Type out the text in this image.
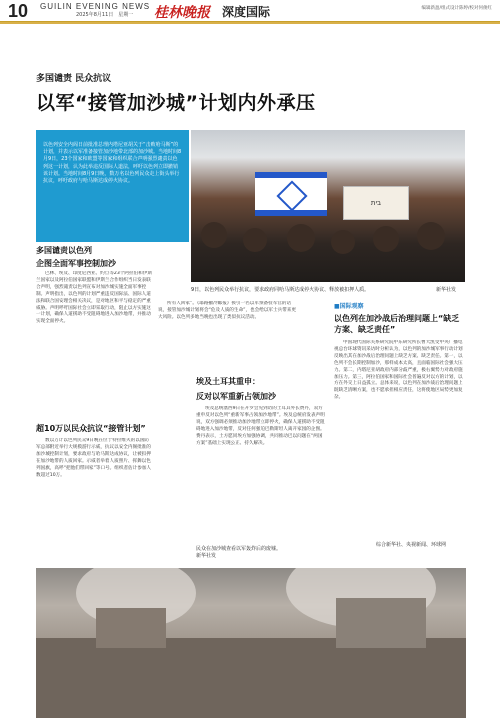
10 GUILIN EVENING NEWS
2025年8月11日　星期一 桂林晚报 深度国际	编辑新盈/组式设计陈婷/校对何俊红
多国谴责 民众抗议
以军“接管加沙城”计划内外承压

以色列安全内阁日前批准总理内塔尼亚胡关于“击败哈马斯”的计划，并表示以军准备接管加沙地带北部的加沙城。当地时间8月9日，23个国家和欧盟等国家和组织联合声明强烈谴责以色列这一计划，认为此举违反国际人道法，呼吁以色列立即撤销该计划。当地时间8月9日晚，数万名以色列民众走上街头举行抗议，呼吁政府与哈马斯达成停火协议。

בית
9日，以色列民众举行抗议，要求政府同哈马斯达成停火协议、释放被扣押人质。	新华社发
多国谴责以色列
企图全面军事控制加沙

巴林、埃及、印度尼西亚、约旦等23个阿拉伯和伊斯兰国家以及阿拉伯国家联盟和伊斯兰合作组织当日发表联合声明，强烈谴责以色列宣布对加沙城实施全面军事控制。声明指出，以色列的计划严重违反国际法、国际人道法和联合国安理会相关决议，是对地区和平与稳定的严重威胁。声明呼吁国际社会立即采取行动，阻止以方实施这一计划，确保人道援助不受阻碍地进入加沙地带，并推动实现全面停火。

超10万以民众抗议“接管计划”

数以万计以色列民众9日晚在位于特拉维夫的以国防军总部附近举行大规模游行示威，抗议以安全内阁批准的加沙城控制计划，要求政府与哈马斯达成协议，让被扣押在加沙地带的人质回家。示威者举着人质照片、挥舞以色列国旗，高呼“把他们带回家”等口号。组织者估计参加人数超过10万。

所有人回家”。《耶路撒冷邮报》援引一名以军预备役军官的话说，接管加沙城计划将会“危及人质的生命”，也会给以军士兵带来更大风险。以色列多地当晚也出现了类似抗议活动。

埃及土耳其重申：
反对以军重新占领加沙

埃及总统塞西9日在开罗会见到访的土耳其外长费丹，双方重申反对以色列“重新军事占领加沙地带”。埃及总统府发表声明说，双方强调必须推动加沙地带立即停火，确保人道援助不受阻碍地进入加沙地带，反对任何强迫巴勒斯坦人离开家园的企图。费丹表示，土方愿同埃方加强协调，共同推动巴以问题在“两国方案”基础上实现公正、持久解决。

民众在加沙城查看以军轰炸后的废墟。
新华社发
■国际观察
以色列在加沙战后治理问题上“缺乏方案、缺乏责任”

中国现代国际关系研究院中东研究所长曹大凯受中央广播电视总台环球资讯采访时分析认为，以色列的加沙城军事行动计划反映出其在加沙战后治理问题上缺乏方案、缺乏责任。第一，以色列不会长期控制加沙，那样成本太高，且面临国际社会强大压力。第二，内塔尼亚胡政府内部分歧严重，极右翼势力对政府施加压力。第三，阿拉伯国家和国际社会普遍反对以方的计划，以方在外交上日益孤立。总体来说，以色列在加沙战后治理问题上既缺乏清晰方案，也不愿承担相应责任，这将使地区局势更加复杂。

综合新华社、央视新闻、环球网
